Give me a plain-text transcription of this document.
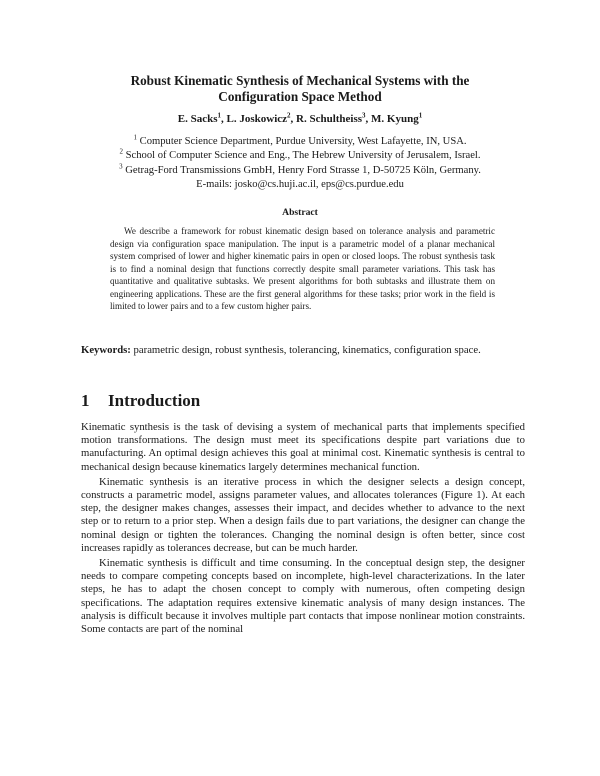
Robust Kinematic Synthesis of Mechanical Systems with the
Configuration Space Method
E. Sacks$^1$, L. Joskowicz$^2$, R. Schultheiss$^3$, M. Kyung$^1$
$^1$ Computer Science Department, Purdue University, West Lafayette, IN, USA.
$^2$ School of Computer Science and Eng., The Hebrew University of Jerusalem, Israel.
$^3$ Getrag-Ford Transmissions GmbH, Henry Ford Strasse 1, D-50725 Köln, Germany.
E-mails: josko@cs.huji.ac.il, eps@cs.purdue.edu
Abstract

We describe a framework for robust kinematic design based on tolerance analysis and parametric design via configuration space manipulation. The input is a parametric model of a planar mechanical system comprised of lower and higher kinematic pairs in open or closed loops. The robust synthesis task is to find a nominal design that functions correctly despite small parameter variations. This task has quantitative and qualitative subtasks. We present algorithms for both subtasks and illustrate them on engineering applications. These are the first general algorithms for these tasks; prior work in the field is limited to lower pairs and to a few custom higher pairs.

Keywords: parametric design, robust synthesis, tolerancing, kinematics, configuration space.
1 Introduction

Kinematic synthesis is the task of devising a system of mechanical parts that implements specified motion transformations. The design must meet its specifications despite part variations due to manufacturing. An optimal design achieves this goal at minimal cost. Kinematic synthesis is central to mechanical design because kinematics largely determines mechanical function.

Kinematic synthesis is an iterative process in which the designer selects a design concept, constructs a parametric model, assigns parameter values, and allocates tolerances (Figure 1). At each step, the designer makes changes, assesses their impact, and decides whether to advance to the next step or to return to a prior step. When a design fails due to part variations, the designer can change the nominal design or tighten the tolerances. Changing the nominal design is often better, since cost increases rapidly as tolerances decrease, but can be much harder.

Kinematic synthesis is difficult and time consuming. In the conceptual design step, the designer needs to compare competing concepts based on incomplete, high-level characterizations. In the later steps, he has to adapt the chosen concept to comply with numerous, often competing design specifications. The adaptation requires extensive kinematic analysis of many design instances. The analysis is difficult because it involves multiple part contacts that impose nonlinear motion constraints. Some contacts are part of the nominal
